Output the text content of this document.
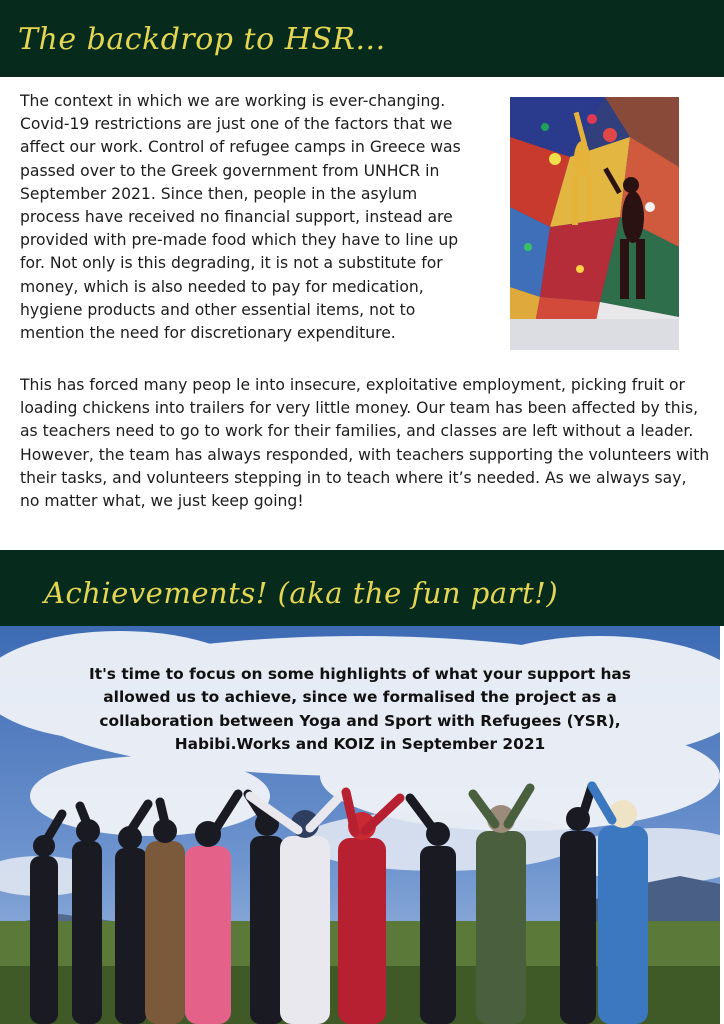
The backdrop to HSR...
The context in which we are working is ever-changing. Covid-19 restrictions are just one of the factors that we affect our work. Control of refugee camps in Greece was passed over to the Greek government from UNHCR in September 2021. Since then, people in the asylum process have received no financial support, instead are provided with pre-made food which they have to line up for. Not only is this degrading, it is not a substitute for money, which is also needed to pay for medication, hygiene products and other essential items, not to mention the need for discretionary expenditure.
This has forced many peop le into insecure, exploitative employment, picking fruit or loading chickens into trailers for very little money. Our team has been affected by this, as teachers need to go to work for their families, and classes are left without a leader. However, the team has always responded, with teachers supporting the volunteers with their tasks, and volunteers stepping in to teach where it’s needed. As we always say, no matter what, we just keep going!
Achievements! (aka the fun part!)
It's time to focus on some highlights of what your support has allowed us to achieve, since we formalised the project as a collaboration between Yoga and Sport with Refugees (YSR), Habibi.Works and KOIZ in September 2021
